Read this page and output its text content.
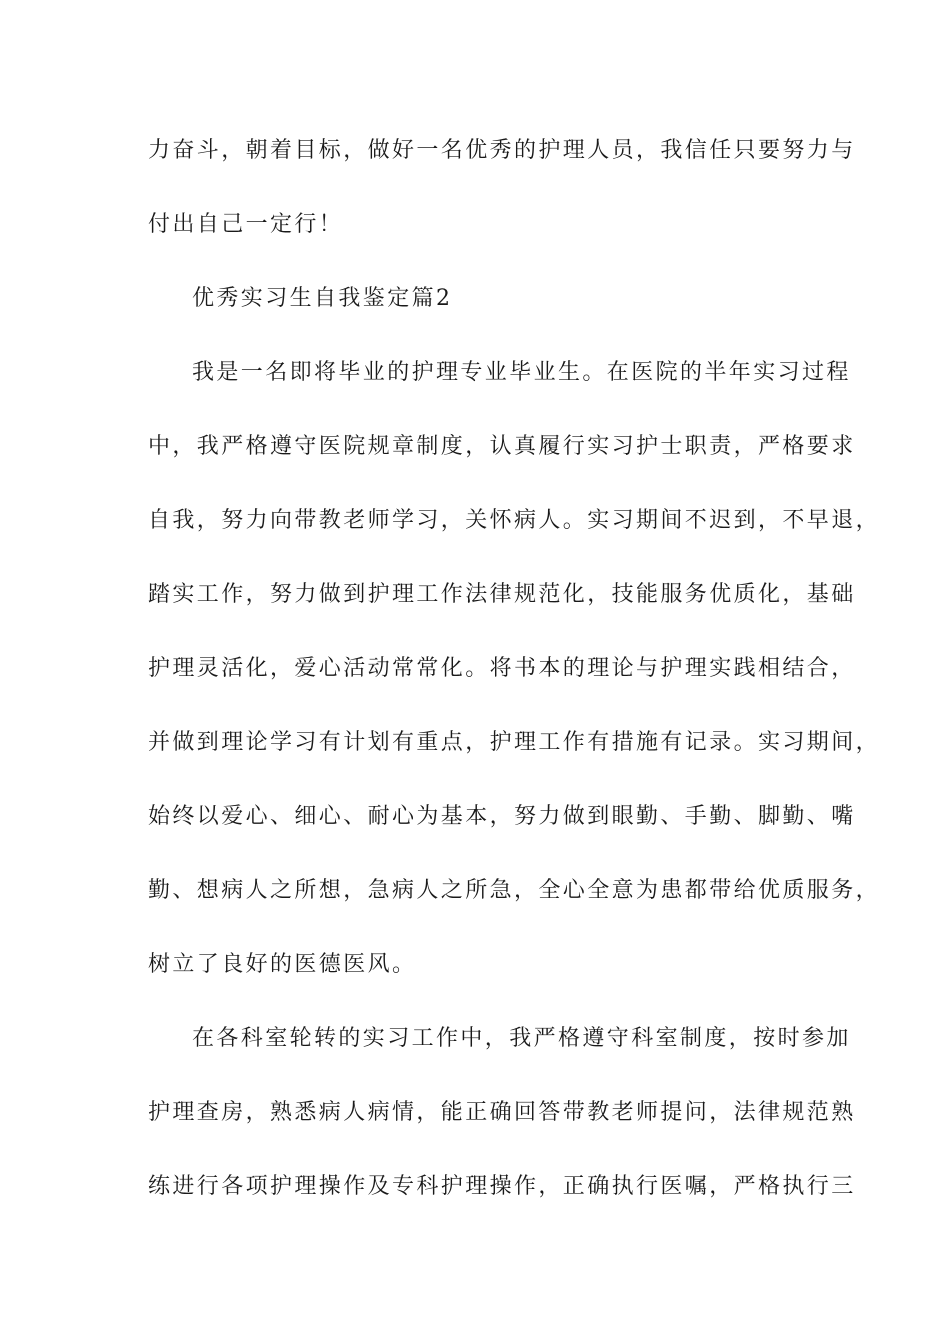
力奋斗，朝着目标，做好一名优秀的护理人员，我信任只要努力与
付出自己一定行！
优秀实习生自我鉴定篇2
我是一名即将毕业的护理专业毕业生。在医院的半年实习过程
中，我严格遵守医院规章制度，认真履行实习护士职责，严格要求
自我，努力向带教老师学习，关怀病人。实习期间不迟到，不早退，
踏实工作，努力做到护理工作法律规范化，技能服务优质化，基础
护理灵活化，爱心活动常常化。将书本的理论与护理实践相结合，
并做到理论学习有计划有重点，护理工作有措施有记录。实习期间，
始终以爱心、细心、耐心为基本，努力做到眼勤、手勤、脚勤、嘴
勤、想病人之所想，急病人之所急，全心全意为患都带给优质服务，
树立了良好的医德医风。
在各科室轮转的实习工作中，我严格遵守科室制度，按时参加
护理查房，熟悉病人病情，能正确回答带教老师提问，法律规范熟
练进行各项护理操作及专科护理操作，正确执行医嘱，严格执行三
